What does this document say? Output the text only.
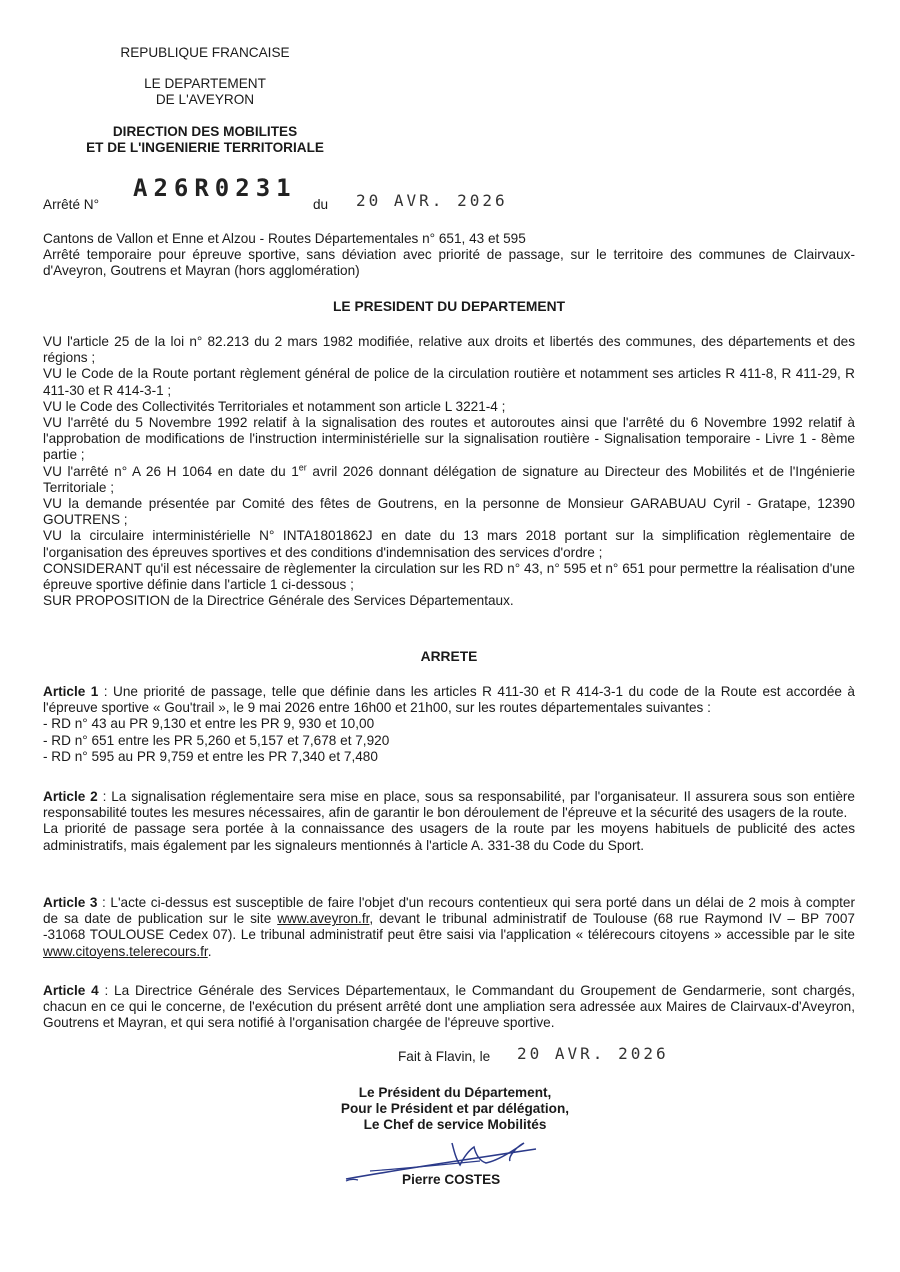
REPUBLIQUE FRANCAISE
LE DEPARTEMENT
DE L'AVEYRON
DIRECTION DES MOBILITES
ET DE L'INGENIERIE TERRITORIALE
Arrêté N°
A26R0231
du 20 AVR. 2026

Cantons de Vallon et Enne et Alzou - Routes Départementales n° 651, 43 et 595

Arrêté temporaire pour épreuve sportive, sans déviation avec priorité de passage, sur le territoire des communes de Clairvaux-d'Aveyron, Goutrens et Mayran (hors agglomération)

LE PRESIDENT DU DEPARTEMENT

VU l'article 25 de la loi n° 82.213 du 2 mars 1982 modifiée, relative aux droits et libertés des communes, des départements et des régions ;

VU le Code de la Route portant règlement général de police de la circulation routière et notamment ses articles R 411-8, R 411-29, R 411-30 et R 414-3-1 ;

VU le Code des Collectivités Territoriales et notamment son article L 3221-4 ;

VU l'arrêté du 5 Novembre 1992 relatif à la signalisation des routes et autoroutes ainsi que l'arrêté du 6 Novembre 1992 relatif à l'approbation de modifications de l'instruction interministérielle sur la signalisation routière - Signalisation temporaire - Livre 1 - 8ème partie ;

VU l'arrêté n° A 26 H 1064 en date du 1er avril 2026 donnant délégation de signature au Directeur des Mobilités et de l'Ingénierie Territoriale ;

VU la demande présentée par Comité des fêtes de Goutrens, en la personne de Monsieur GARABUAU Cyril - Gratape, 12390 GOUTRENS ;

VU la circulaire interministérielle N° INTA1801862J en date du 13 mars 2018 portant sur la simplification règlementaire de l'organisation des épreuves sportives et des conditions d'indemnisation des services d'ordre ;

CONSIDERANT qu'il est nécessaire de règlementer la circulation sur les RD n° 43, n° 595 et n° 651 pour permettre la réalisation d'une épreuve sportive définie dans l'article 1 ci-dessous ;

SUR PROPOSITION de la Directrice Générale des Services Départementaux.

ARRETE

Article 1 : Une priorité de passage, telle que définie dans les articles R 411-30 et R 414-3-1 du code de la Route est accordée à l'épreuve sportive « Gou'trail », le 9 mai 2026 entre 16h00 et 21h00, sur les routes départementales suivantes :

- RD n° 43 au PR 9,130 et entre les PR 9, 930 et 10,00

- RD n° 651 entre les PR 5,260 et 5,157 et 7,678 et 7,920

- RD n° 595 au PR 9,759 et entre les PR 7,340 et 7,480

Article 2 : La signalisation réglementaire sera mise en place, sous sa responsabilité, par l'organisateur. Il assurera sous son entière responsabilité toutes les mesures nécessaires, afin de garantir le bon déroulement de l'épreuve et la sécurité des usagers de la route.

La priorité de passage sera portée à la connaissance des usagers de la route par les moyens habituels de publicité des actes administratifs, mais également par les signaleurs mentionnés à l'article A. 331-38 du Code du Sport.

Article 3 : L'acte ci-dessus est susceptible de faire l'objet d'un recours contentieux qui sera porté dans un délai de 2 mois à compter de sa date de publication sur le site www.aveyron.fr, devant le tribunal administratif de Toulouse (68 rue Raymond IV – BP 7007 -31068 TOULOUSE Cedex 07). Le tribunal administratif peut être saisi via l'application « télérecours citoyens » accessible par le site www.citoyens.telerecours.fr.

Article 4 : La Directrice Générale des Services Départementaux, le Commandant du Groupement de Gendarmerie, sont chargés, chacun en ce qui le concerne, de l'exécution du présent arrêté dont une ampliation sera adressée aux Maires de Clairvaux-d'Aveyron, Goutrens et Mayran, et qui sera notifié à l'organisation chargée de l'épreuve sportive.

Fait à Flavin, le 20 AVR. 2026
Le Président du Département,
Pour le Président et par délégation,
Le Chef de service Mobilités
Pierre COSTES
